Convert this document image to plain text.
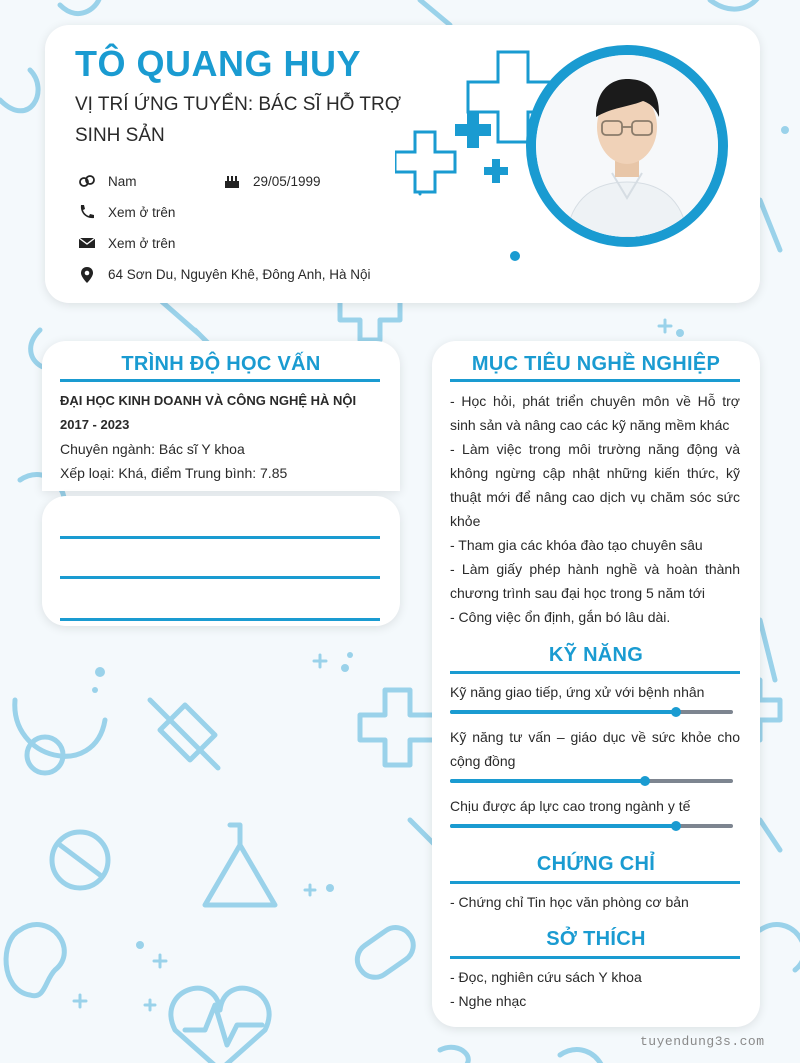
TÔ QUANG HUY
VỊ TRÍ ỨNG TUYỂN: BÁC SĨ HỖ TRỢ SINH SẢN
Nam	29/05/1999
Xem ở trên
Xem ở trên
64 Sơn Du, Nguyên Khê, Đông Anh, Hà Nội
TRÌNH ĐỘ HỌC VẤN
ĐẠI HỌC KINH DOANH VÀ CÔNG NGHỆ HÀ NỘI
2017 - 2023
Chuyên ngành: Bác sĩ Y khoa
Xếp loại: Khá, điểm Trung bình: 7.85
MỤC TIÊU NGHỀ NGHIỆP
- Học hỏi, phát triển chuyên môn về Hỗ trợ sinh sản và nâng cao các kỹ năng mềm khác
- Làm việc trong môi trường năng động và không ngừng cập nhật những kiến thức, kỹ thuật mới để nâng cao dịch vụ chăm sóc sức khỏe
- Tham gia các khóa đào tạo chuyên sâu
- Làm giấy phép hành nghề và hoàn thành chương trình sau đại học trong 5 năm tới
- Công việc ổn định, gắn bó lâu dài.
KỸ NĂNG
Kỹ năng giao tiếp, ứng xử với bệnh nhân
Kỹ năng tư vấn – giáo dục về sức khỏe cho cộng đồng
Chịu được áp lực cao trong ngành y tế
CHỨNG CHỈ
- Chứng chỉ Tin học văn phòng cơ bản
SỞ THÍCH
- Đọc, nghiên cứu sách Y khoa
- Nghe nhạc
tuyendung3s.com
